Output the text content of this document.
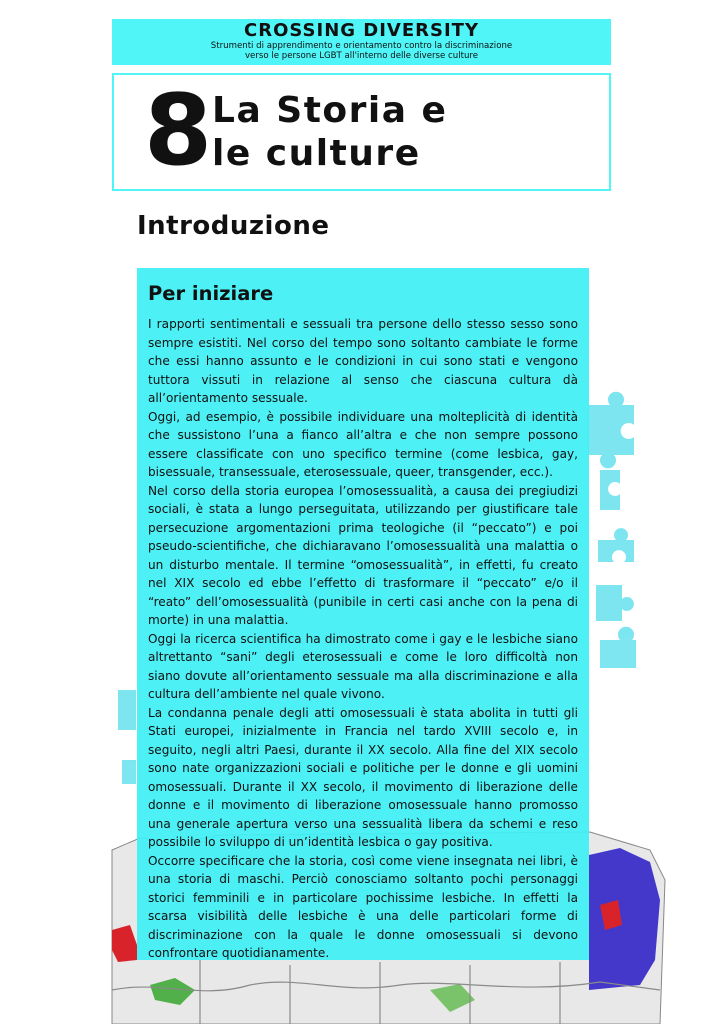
CROSSING DIVERSITY
Strumenti di apprendimento e orientamento contro la discriminazione
verso le persone LGBT all'interno delle diverse culture
8 La Storia e
le culture
Introduzione
Per iniziare

I rapporti sentimentali e sessuali tra persone dello stesso sesso sono sempre esistiti. Nel corso del tempo sono soltanto cambiate le forme che essi hanno assunto e le condizioni in cui sono stati e vengono tuttora vissuti in relazione al senso che ciascuna cultura dà all’orientamento sessuale.

Oggi, ad esempio, è possibile individuare una molteplicità di identità che sussistono l’una a fianco all’altra e che non sempre possono essere classificate con uno specifico termine (come lesbica, gay, bisessuale, transessuale, eterosessuale, queer, transgender, ecc.).

Nel corso della storia europea l’omosessualità, a causa dei pregiudizi sociali, è stata a lungo perseguitata, utilizzando per giustificare tale persecuzione argomentazioni prima teologiche (il “peccato”) e poi pseudo-scientifiche, che dichiaravano l’omosessualità una malattia o un disturbo mentale. Il termine “omosessualità”, in effetti, fu creato nel XIX secolo ed ebbe l’effetto di trasformare il “peccato” e/o il “reato” dell’omosessualità (punibile in certi casi anche con la pena di morte) in una malattia.

Oggi la ricerca scientifica ha dimostrato come i gay e le lesbiche siano altrettanto “sani” degli eterosessuali e come le loro difficoltà non siano dovute all’orientamento sessuale ma alla discriminazione e alla cultura dell’ambiente nel quale vivono.

La condanna penale degli atti omosessuali è stata abolita in tutti gli Stati europei, inizialmente in Francia nel tardo XVIII secolo e, in seguito, negli altri Paesi, durante il XX secolo. Alla fine del XIX secolo sono nate organizzazioni sociali e politiche per le donne e gli uomini omosessuali. Durante il XX secolo, il movimento di liberazione delle donne e il movimento di liberazione omosessuale hanno promosso una generale apertura verso una sessualità libera da schemi e reso possibile lo sviluppo di un’identità lesbica o gay positiva.

Occorre specificare che la storia, così come viene insegnata nei libri, è una storia di maschi. Perciò conosciamo soltanto pochi personaggi storici femminili e in particolare pochissime lesbiche. In effetti la scarsa visibilità delle lesbiche è una delle particolari forme di discriminazione con la quale le donne omosessuali si devono confrontare quotidianamente.
